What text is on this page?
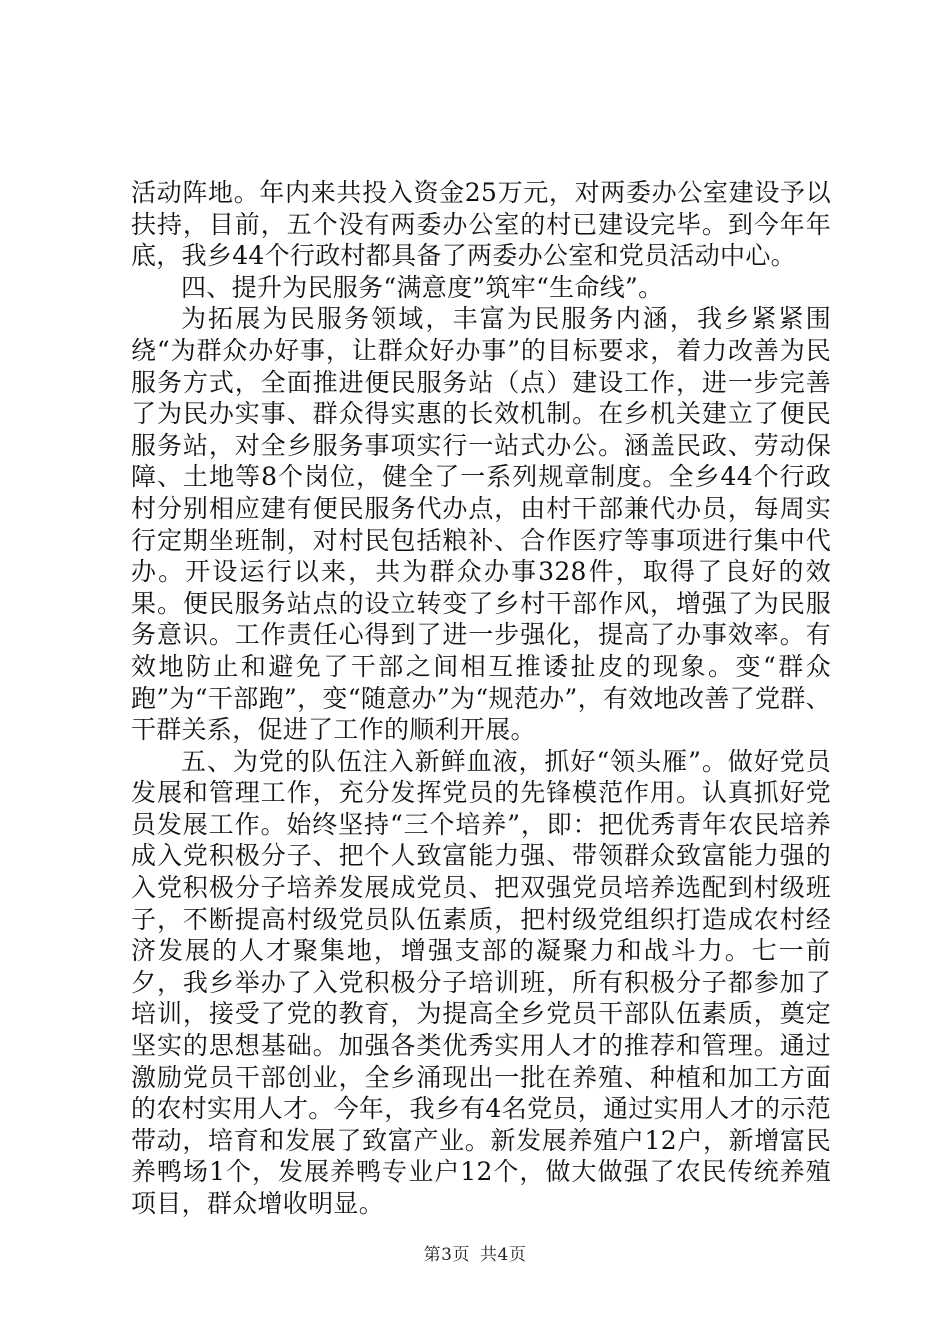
活动阵地。年内来共投入资金25万元，对两委办公室建设予以扶持，目前，五个没有两委办公室的村已建设完毕。到今年年底，我乡44个行政村都具备了两委办公室和党员活动中心。

四、提升为民服务“满意度”筑牢“生命线”。

为拓展为民服务领域，丰富为民服务内涵，我乡紧紧围绕“为群众办好事，让群众好办事”的目标要求，着力改善为民服务方式，全面推进便民服务站（点）建设工作，进一步完善了为民办实事、群众得实惠的长效机制。在乡机关建立了便民服务站，对全乡服务事项实行一站式办公。涵盖民政、劳动保障、土地等8个岗位，健全了一系列规章制度。全乡44个行政村分别相应建有便民服务代办点，由村干部兼代办员，每周实行定期坐班制，对村民包括粮补、合作医疗等事项进行集中代办。开设运行以来，共为群众办事328件，取得了良好的效果。便民服务站点的设立转变了乡村干部作风，增强了为民服务意识。工作责任心得到了进一步强化，提高了办事效率。有效地防止和避免了干部之间相互推诿扯皮的现象。变“群众跑”为“干部跑”，变“随意办”为“规范办”，有效地改善了党群、干群关系，促进了工作的顺利开展。

五、为党的队伍注入新鲜血液，抓好“领头雁”。做好党员发展和管理工作，充分发挥党员的先锋模范作用。认真抓好党员发展工作。始终坚持“三个培养”，即：把优秀青年农民培养成入党积极分子、把个人致富能力强、带领群众致富能力强的入党积极分子培养发展成党员、把双强党员培养选配到村级班子，不断提高村级党员队伍素质，把村级党组织打造成农村经济发展的人才聚集地，增强支部的凝聚力和战斗力。七一前夕，我乡举办了入党积极分子培训班，所有积极分子都参加了培训，接受了党的教育，为提高全乡党员干部队伍素质，奠定坚实的思想基础。加强各类优秀实用人才的推荐和管理。通过激励党员干部创业，全乡涌现出一批在养殖、种植和加工方面的农村实用人才。今年，我乡有4名党员，通过实用人才的示范带动，培育和发展了致富产业。新发展养殖户12户，新增富民养鸭场1个，发展养鸭专业户12个，做大做强了农民传统养殖项目，群众增收明显。

第3页 共4页
